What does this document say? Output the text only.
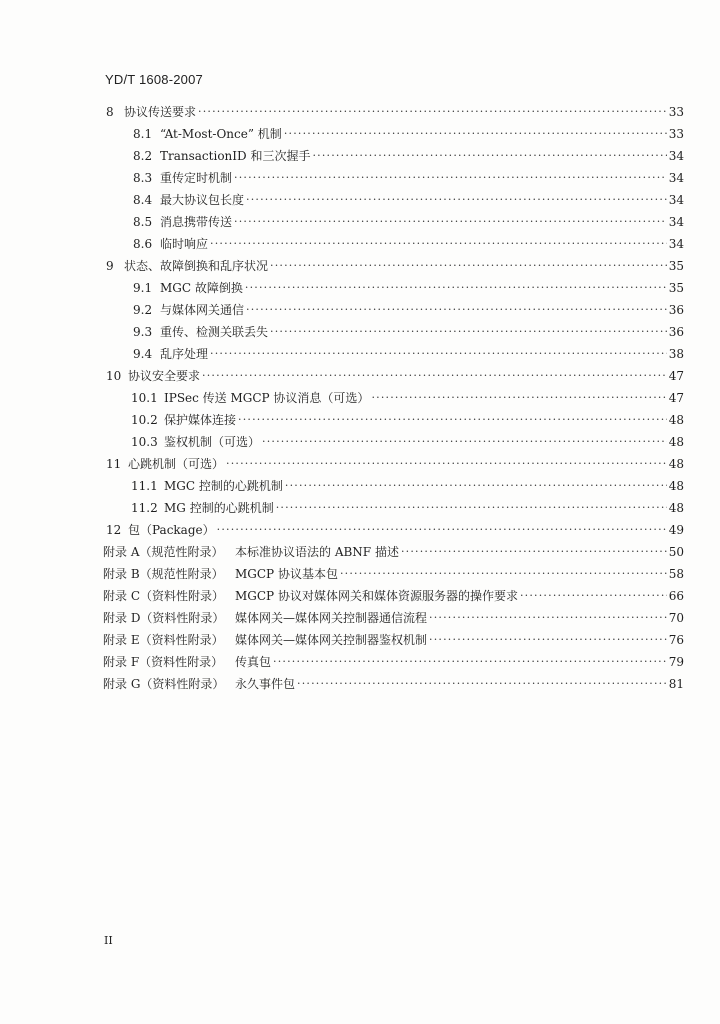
YD/T 1608-2007
8 协议传送要求 ·····	33
8.1 “At-Most-Once” 机制 ·····	33
8.2 TransactionID 和三次握手 ·····	34
8.3 重传定时机制 ·····	34
8.4 最大协议包长度 ·····	34
8.5 消息携带传送 ·····	34
8.6 临时响应 ·····	34
9 状态、故障倒换和乱序状况 ·····	35
9.1 MGC 故障倒换 ·····	35
9.2 与媒体网关通信 ·····	36
9.3 重传、检测关联丢失 ·····	36
9.4 乱序处理 ·····	38
10 协议安全要求 ·····	47
10.1 IPSec 传送 MGCP 协议消息（可选） ·····	47
10.2 保护媒体连接 ·····	48
10.3 鉴权机制（可选） ·····	48
11 心跳机制（可选） ·····	48
11.1 MGC 控制的心跳机制 ·····	48
11.2 MG 控制的心跳机制 ·····	48
12 包（Package） ·····	49
附录 A（规范性附录） 本标准协议语法的 ABNF 描述 ·····	50
附录 B（规范性附录） MGCP 协议基本包 ·····	58
附录 C（资料性附录） MGCP 协议对媒体网关和媒体资源服务器的操作要求 ·····	66
附录 D（资料性附录） 媒体网关—媒体网关控制器通信流程 ·····	70
附录 E（资料性附录） 媒体网关—媒体网关控制器鉴权机制 ·····	76
附录 F（资料性附录） 传真包 ·····	79
附录 G（资料性附录） 永久事件包 ·····	81
II
